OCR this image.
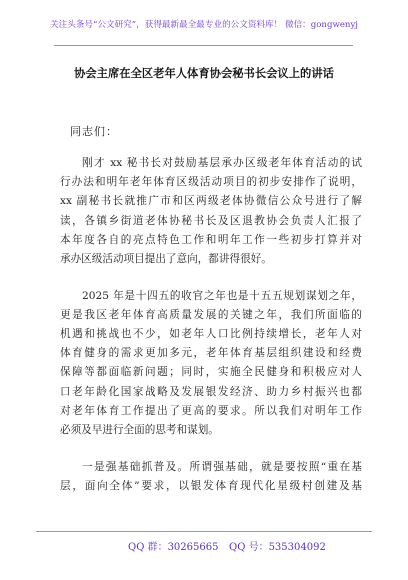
关注头条号“公文研究”，获得最新最全最专业的公文资料库！ 微信：gongwenyj
协会主席在全区老年人体育协会秘书长会议上的讲话
同志们：
刚才 xx 秘书长对鼓励基层承办区级老年体育活动的试
行办法和明年老年体育区级活动项目的初步安排作了说明，
xx 副秘书长就推广市和区两级老体协微信公众号进行了解
读，各镇乡街道老体协秘书长及区退教协会负责人汇报了
本年度各自的亮点特色工作和明年工作一些初步打算并对
承办区级活动项目提出了意向，都讲得很好。
2025 年是十四五的收官之年也是十五五规划谋划之年，
更是我区老年体育高质量发展的关键之年，我们所面临的
机遇和挑战也不少，如老年人口比例持续增长，老年人对
体育健身的需求更加多元，老年体育基层组织建设和经费
保障等都面临新问题；同时，实施全民健身和积极应对人
口老年龄化国家战略及发展银发经济、助力乡村振兴也都
对老年体育工作提出了更高的要求。所以我们对明年工作
必须及早进行全面的思考和谋划。
一是强基础抓普及。所谓强基础，就是要按照“重在基
层，面向全体”要求，以银发体育现代化星级村创建及基
QQ 群：30265665 QQ 号：535304092
